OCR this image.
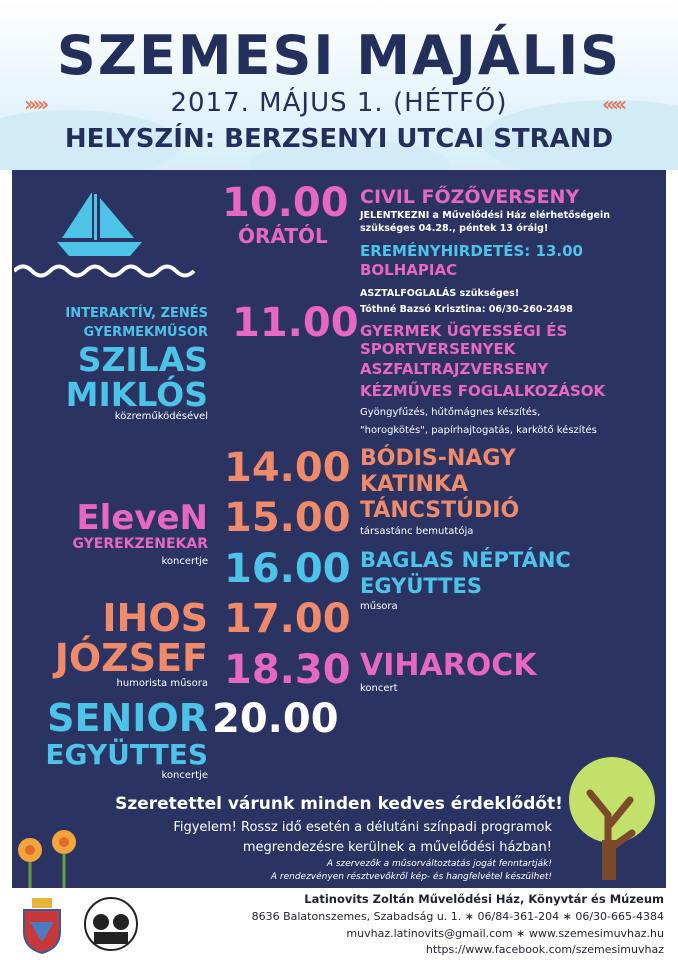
SZEMESI MAJÁLIS
›››››	2017. MÁJUS 1. (HÉTFŐ)	‹‹‹‹‹
HELYSZÍN: BERZSENYI UTCAI STRAND
10.00
ÓRÁTÓL
11.00
14.00
15.00
16.00
17.00
18.30
20.00
INTERAKTÍV, ZENÉS
GYERMEKMŰSOR
SZILAS
MIKLÓS
közreműködésével
EleveN
GYEREKZENEKAR
koncertje
IHOS
JÓZSEF
humorista műsora
SENIOR
EGYÜTTES
koncertje
CIVIL FŐZŐVERSENY
JELENTKEZNI a Művelődési Ház elérhetőségein
szükséges 04.28., péntek 13 óráig!
EREMÉNYHIRDETÉS: 13.00
BOLHAPIAC
ASZTALFOGLALÁS szükséges!
Tóthné Bazsó Krisztina: 06/30-260-2498
GYERMEK ÜGYESSÉGI ÉS
SPORTVERSENYEK
ASZFALTRAJZVERSENY
KÉZMŰVES FOGLALKOZÁSOK
Gyöngyfűzés, hűtőmágnes készítés,
"horogkötés", papírhajtogatás, karkötő készítés
BÓDIS-NAGY
KATINKA
TÁNCSTÚDIÓ
társastánc bemutatója
BAGLAS NÉPTÁNC
EGYÜTTES
műsora
VIHAROCK
koncert
Szeretettel várunk minden kedves érdeklődőt!
Figyelem! Rossz idő esetén a délutáni színpadi programok
megrendezésre kerülnek a művelődési házban!
A szervezők a műsorváltoztatás jogát fenntartják!
A rendezvényen résztvevőkről kép- és hangfelvétel készülhet!
Latinovits Zoltán Művelődési Ház, Könyvtár és Múzeum
8636 Balatonszemes, Szabadság u. 1. ∗ 06/84-361-204 ∗ 06/30-665-4384
muvhaz.latinovits@gmail.com ∗ www.szemesimuvhaz.hu
https://www.facebook.com/szemesimuvhaz
